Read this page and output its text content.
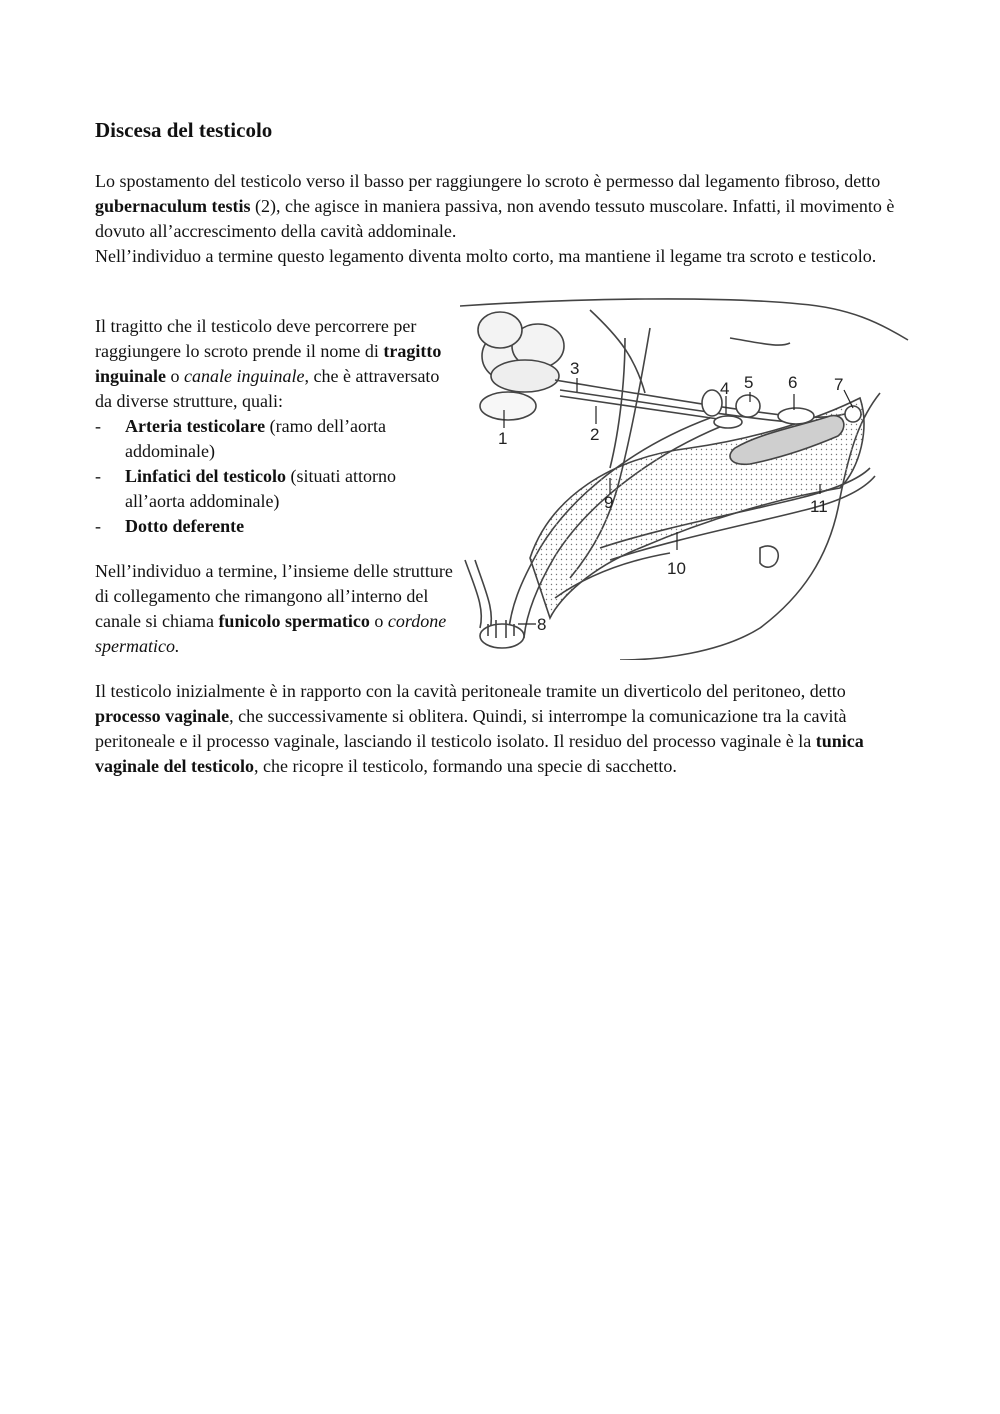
Discesa del testicolo

Lo spostamento del testicolo verso il basso per raggiungere lo scroto è permesso dal legamento fibroso, detto gubernaculum testis (2), che agisce in maniera passiva, non avendo tessuto muscolare. Infatti, il movimento è dovuto all’accrescimento della cavità addominale.
Nell’individuo a termine questo legamento diventa molto corto, ma mantiene il legame tra scroto e testicolo.

Il tragitto che il testicolo deve percorrere per raggiungere lo scroto prende il nome di tragitto inguinale o canale inguinale, che è attraversato da diverse strutture, quali:

- Arteria testicolare (ramo dell’aorta addominale)
- Linfatici del testicolo (situati attorno all’aorta addominale)
- Dotto deferente

Nell’individuo a termine, l’insieme delle strutture di collegamento che rimangono all’interno del canale si chiama funicolo spermatico o cordone spermatico.

1	2
3
4 5 6 7
8
9
10
11

Il testicolo inizialmente è in rapporto con la cavità peritoneale tramite un diverticolo del peritoneo, detto processo vaginale, che successivamente si oblitera. Quindi, si interrompe la comunicazione tra la cavità peritoneale e il processo vaginale, lasciando il testicolo isolato. Il residuo del processo vaginale è la tunica vaginale del testicolo, che ricopre il testicolo, formando una specie di sacchetto.
